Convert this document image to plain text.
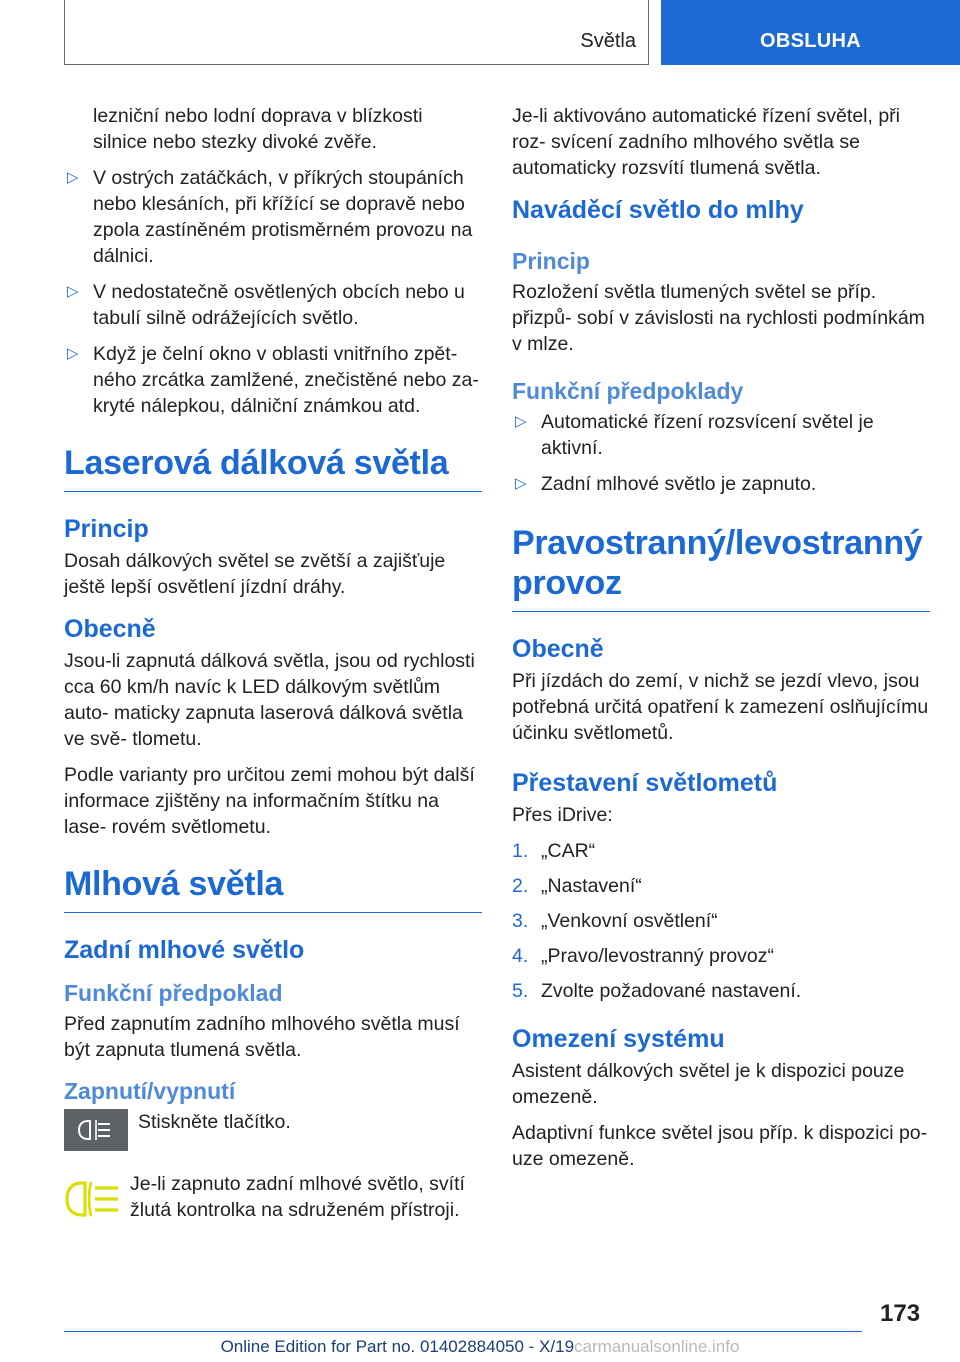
Světla	OBSLUHA
lezniční nebo lodní doprava v blízkosti silnice nebo stezky divoké zvěře.
▷ V ostrých zatáčkách, v příkrých stoupáních nebo klesáních, při křížící se dopravě nebo zpola zastíněném protisměrném provozu na dálnici.
▷ V nedostatečně osvětlených obcích nebo u tabulí silně odrážejících světlo.
▷ Když je čelní okno v oblasti vnitřního zpět- ného zrcátka zamlžené, znečistěné nebo za- kryté nálepkou, dálniční známkou atd.
Laserová dálková světla
Princip

Dosah dálkových světel se zvětší a zajišťuje ještě lepší osvětlení jízdní dráhy.

Obecně

Jsou-li zapnutá dálková světla, jsou od rychlosti cca 60 km/h navíc k LED dálkovým světlům auto- maticky zapnuta laserová dálková světla ve svě- tlometu.

Podle varianty pro určitou zemi mohou být další informace zjištěny na informačním štítku na lase- rovém světlometu.

Mlhová světla
Zadní mlhové světlo
Funkční předpoklad

Před zapnutím zadního mlhového světla musí být zapnuta tlumená světla.

Zapnutí/vypnutí
Stiskněte tlačítko.
Je-li zapnuto zadní mlhové světlo, svítí žlutá kontrolka na sdruženém přístroji.

Je-li aktivováno automatické řízení světel, při roz- svícení zadního mlhového světla se automaticky rozsvítí tlumená světla.

Naváděcí světlo do mlhy
Princip

Rozložení světla tlumených světel se příp. přizpů- sobí v závislosti na rychlosti podmínkám v mlze.

Funkční předpoklady
▷ Automatické řízení rozsvícení světel je aktivní.
▷ Zadní mlhové světlo je zapnuto.
Pravostranný/levostranný provoz
Obecně

Při jízdách do zemí, v nichž se jezdí vlevo, jsou potřebná určitá opatření k zamezení oslňujícímu účinku světlometů.

Přestavení světlometů

Přes iDrive:

1. „CAR“
2. „Nastavení“
3. „Venkovní osvětlení“
4. „Pravo/levostranný provoz“
5. Zvolte požadované nastavení.
Omezení systému

Asistent dálkových světel je k dispozici pouze omezeně.

Adaptivní funkce světel jsou příp. k dispozici po- uze omezeně.

173
Online Edition for Part no. 01402884050 - X/19carmanualsonline.info
